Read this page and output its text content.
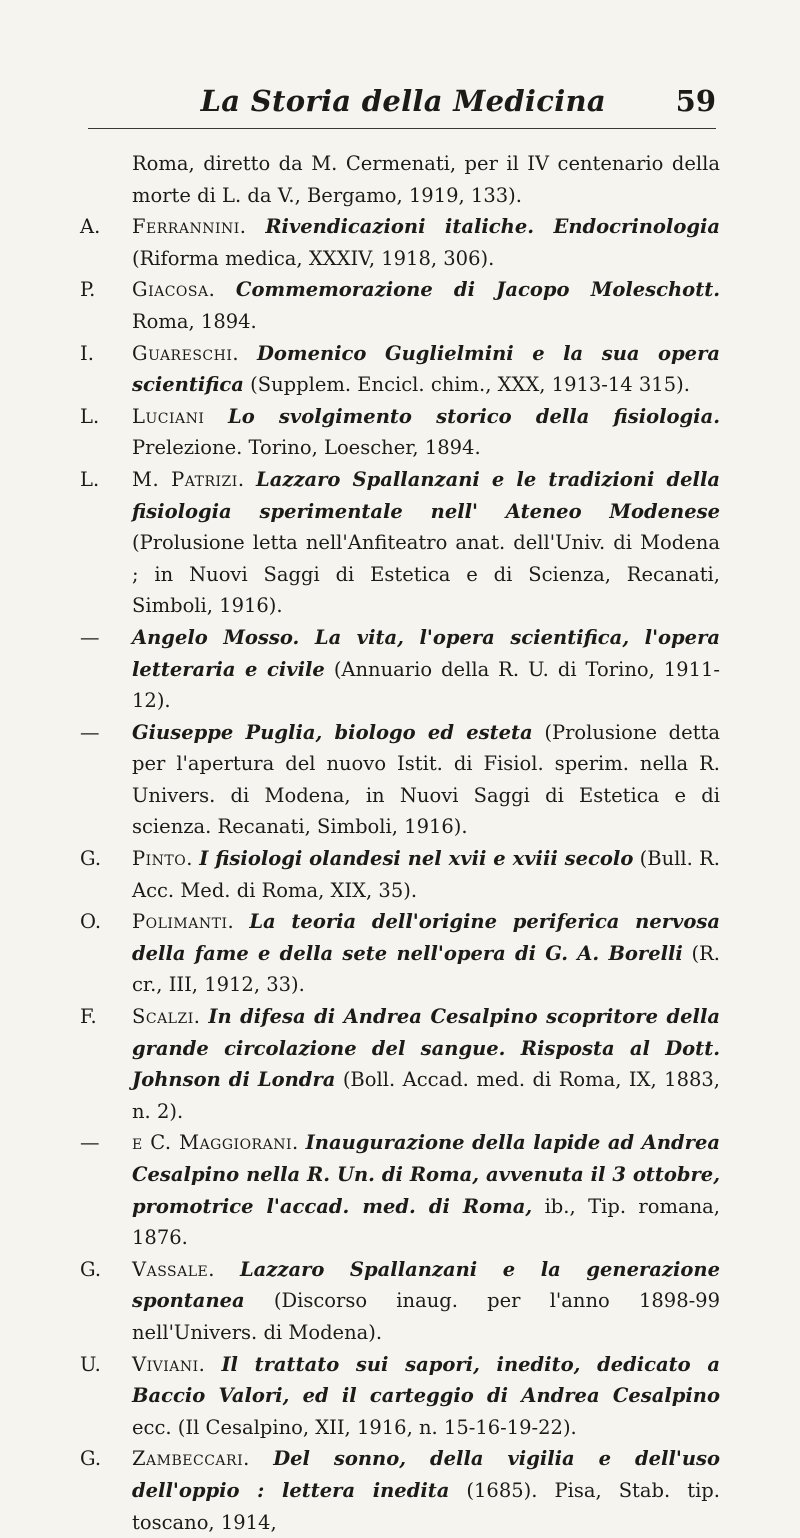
La Storia della Medicina 59
Roma, diretto da M. Cermenati, per il IV centenario della morte di L. da V., Bergamo, 1919, 133).
A.	Ferrannini. Rivendicazioni italiche. Endocrinologia (Riforma medica, XXXIV, 1918, 306).
P.	Giacosa. Commemorazione di Jacopo Moleschott. Roma, 1894.
I.	Guareschi. Domenico Guglielmini e la sua opera scientifica (Supplem. Encicl. chim., XXX, 1913-14 315).
L.	Luciani Lo svolgimento storico della fisiologia. Prelezione. Torino, Loescher, 1894.
L.	M. Patrizi. Lazzaro Spallanzani e le tradizioni della fisiologia sperimentale nell' Ateneo Modenese (Prolusione letta nell'Anfiteatro anat. dell'Univ. di Modena ; in Nuovi Saggi di Estetica e di Scienza, Recanati, Simboli, 1916).
—	Angelo Mosso. La vita, l'opera scientifica, l'opera letteraria e civile (Annuario della R. U. di Torino, 1911-12).
—	Giuseppe Puglia, biologo ed esteta (Prolusione detta per l'apertura del nuovo Istit. di Fisiol. sperim. nella R. Univers. di Modena, in Nuovi Saggi di Estetica e di scienza. Recanati, Simboli, 1916).
G.	Pinto. I fisiologi olandesi nel xvii e xviii secolo (Bull. R. Acc. Med. di Roma, XIX, 35).
O.	Polimanti. La teoria dell'origine periferica nervosa della fame e della sete nell'opera di G. A. Borelli (R. cr., III, 1912, 33).
F.	Scalzi. In difesa di Andrea Cesalpino scopritore della grande circolazione del sangue. Risposta al Dott. Johnson di Londra (Boll. Accad. med. di Roma, IX, 1883, n. 2).
—	e C. Maggiorani. Inaugurazione della lapide ad Andrea Cesalpino nella R. Un. di Roma, avvenuta il 3 ottobre, promotrice l'accad. med. di Roma, ib., Tip. romana, 1876.
G.	Vassale. Lazzaro Spallanzani e la generazione spontanea (Discorso inaug. per l'anno 1898-99 nell'Univers. di Modena).
U.	Viviani. Il trattato sui sapori, inedito, dedicato a Baccio Valori, ed il carteggio di Andrea Cesalpino ecc. (Il Cesalpino, XII, 1916, n. 15-16-19-22).
G.	Zambeccari. Del sonno, della vigilia e dell'uso dell'oppio : lettera inedita (1685). Pisa, Stab. tip. toscano, 1914,
